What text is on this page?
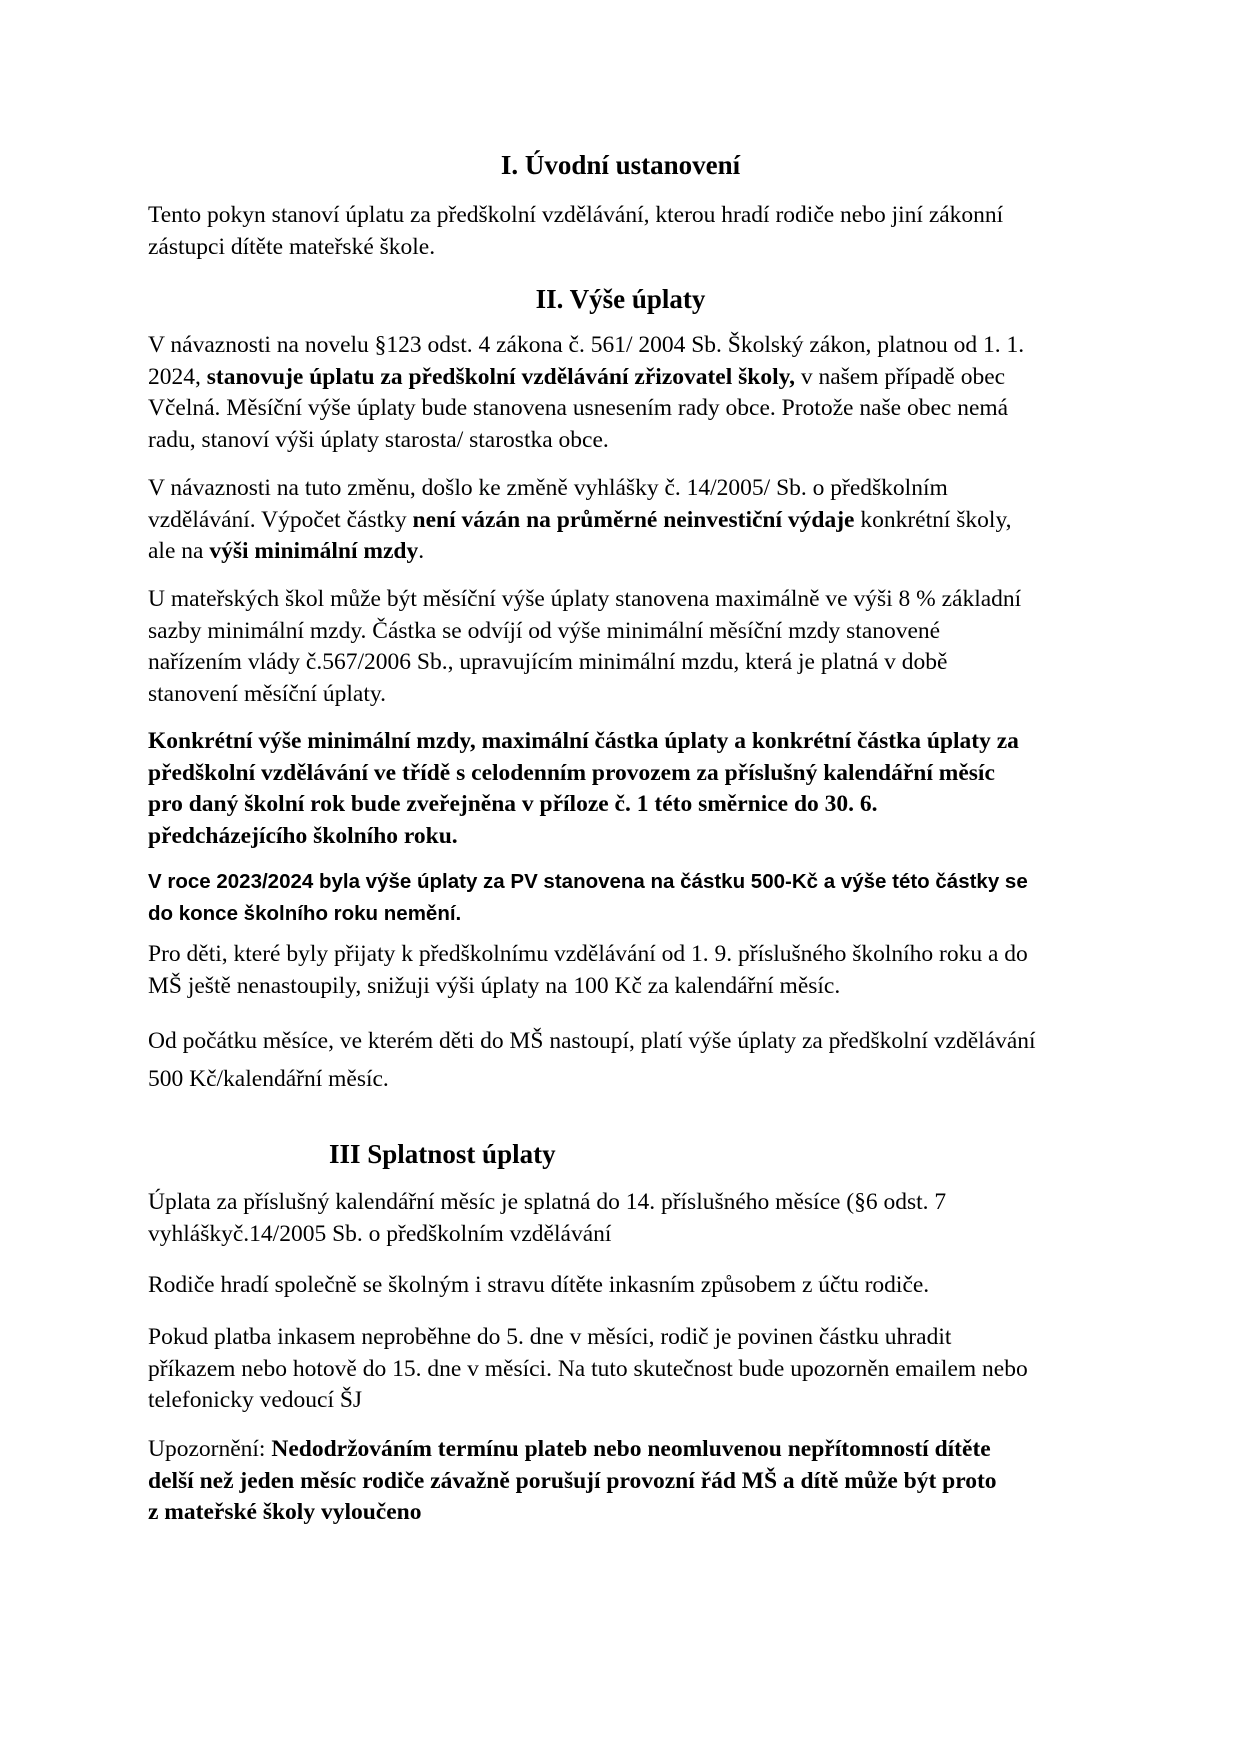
I. Úvodní ustanovení

Tento pokyn stanoví úplatu za předškolní vzdělávání, kterou hradí rodiče nebo jiní zákonní
zástupci dítěte mateřské škole.

II. Výše úplaty

V návaznosti na novelu §123 odst. 4 zákona č. 561/ 2004 Sb. Školský zákon, platnou od 1. 1.
2024, stanovuje úplatu za předškolní vzdělávání zřizovatel školy, v našem případě obec
Včelná. Měsíční výše úplaty bude stanovena usnesením rady obce. Protože naše obec nemá
radu, stanoví výši úplaty starosta/ starostka obce.

V návaznosti na tuto změnu, došlo ke změně vyhlášky č. 14/2005/ Sb. o předškolním
vzdělávání. Výpočet částky není vázán na průměrné neinvestiční výdaje konkrétní školy,
ale na výši minimální mzdy.

U mateřských škol může být měsíční výše úplaty stanovena maximálně ve výši 8 % základní
sazby minimální mzdy. Částka se odvíjí od výše minimální měsíční mzdy stanovené
nařízením vlády č.567/2006 Sb., upravujícím minimální mzdu, která je platná v době
stanovení měsíční úplaty.

Konkrétní výše minimální mzdy, maximální částka úplaty a konkrétní částka úplaty za
předškolní vzdělávání ve třídě s celodenním provozem za příslušný kalendářní měsíc
pro daný školní rok bude zveřejněna v příloze č. 1 této směrnice do 30. 6.
předcházejícího školního roku.

V roce 2023/2024 byla výše úplaty za PV stanovena na částku 500-Kč a výše této částky se
do konce školního roku nemění.

Pro děti, které byly přijaty k předškolnímu vzdělávání od 1. 9. příslušného školního roku a do
MŠ ještě nenastoupily, snižuji výši úplaty na 100 Kč za kalendářní měsíc.

Od počátku měsíce, ve kterém děti do MŠ nastoupí, platí výše úplaty za předškolní vzdělávání
500 Kč/kalendářní měsíc.

III Splatnost úplaty

Úplata za příslušný kalendářní měsíc je splatná do 14. příslušného měsíce (§6 odst. 7
vyhláškyč.14/2005 Sb. o předškolním vzdělávání

Rodiče hradí společně se školným i stravu dítěte inkasním způsobem z účtu rodiče.

Pokud platba inkasem neproběhne do 5. dne v měsíci, rodič je povinen částku uhradit
příkazem nebo hotově do 15. dne v měsíci. Na tuto skutečnost bude upozorněn emailem nebo
telefonicky vedoucí ŠJ

Upozornění: Nedodržováním termínu plateb nebo neomluvenou nepřítomností dítěte
delší než jeden měsíc rodiče závažně porušují provozní řád MŠ a dítě může být proto
z mateřské školy vyloučeno
